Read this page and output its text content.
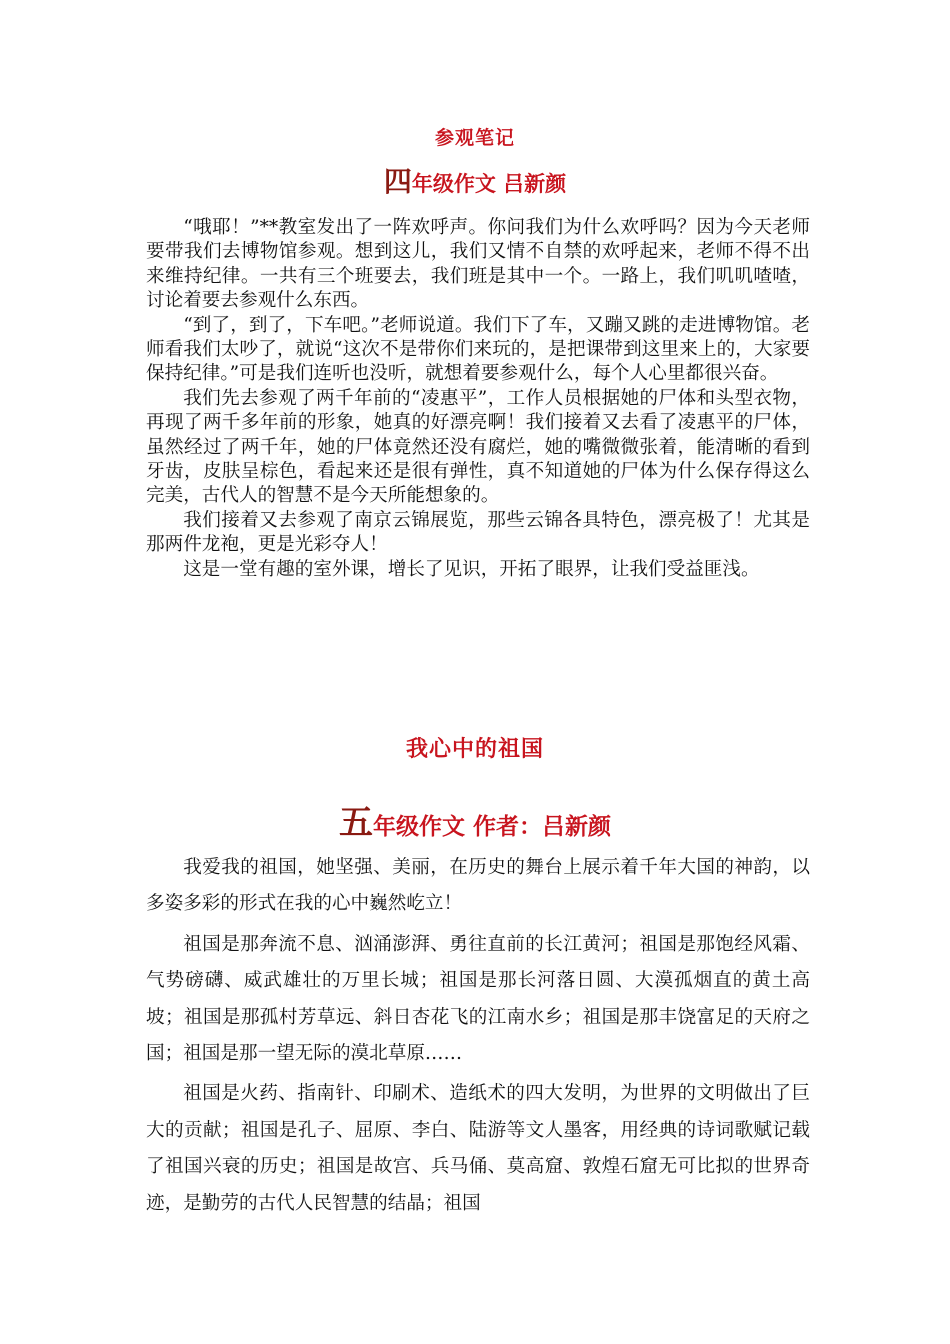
参观笔记
四年级作文 吕新颜

“哦耶！”**教室发出了一阵欢呼声。你问我们为什么欢呼吗？因为今天老师要带我们去博物馆参观。想到这儿，我们又情不自禁的欢呼起来，老师不得不出来维持纪律。一共有三个班要去，我们班是其中一个。一路上，我们叽叽喳喳，讨论着要去参观什么东西。

“到了，到了，下车吧。”老师说道。我们下了车，又蹦又跳的走进博物馆。老师看我们太吵了，就说“这次不是带你们来玩的，是把课带到这里来上的，大家要保持纪律。”可是我们连听也没听，就想着要参观什么，每个人心里都很兴奋。

我们先去参观了两千年前的“凌惠平”，工作人员根据她的尸体和头型衣物，再现了两千多年前的形象，她真的好漂亮啊！我们接着又去看了凌惠平的尸体，虽然经过了两千年，她的尸体竟然还没有腐烂，她的嘴微微张着，能清晰的看到牙齿，皮肤呈棕色，看起来还是很有弹性，真不知道她的尸体为什么保存得这么完美，古代人的智慧不是今天所能想象的。

我们接着又去参观了南京云锦展览，那些云锦各具特色，漂亮极了！尤其是那两件龙袍，更是光彩夺人！

这是一堂有趣的室外课，增长了见识，开拓了眼界，让我们受益匪浅。

我心中的祖国
五年级作文 作者：吕新颜

我爱我的祖国，她坚强、美丽，在历史的舞台上展示着千年大国的神韵，以多姿多彩的形式在我的心中巍然屹立！

祖国是那奔流不息、汹涌澎湃、勇往直前的长江黄河；祖国是那饱经风霜、气势磅礴、威武雄壮的万里长城；祖国是那长河落日圆、大漠孤烟直的黄土高坡；祖国是那孤村芳草远、斜日杏花飞的江南水乡；祖国是那丰饶富足的天府之国；祖国是那一望无际的漠北草原……

祖国是火药、指南针、印刷术、造纸术的四大发明，为世界的文明做出了巨大的贡献；祖国是孔子、屈原、李白、陆游等文人墨客，用经典的诗词歌赋记载了祖国兴衰的历史；祖国是故宫、兵马俑、莫高窟、敦煌石窟无可比拟的世界奇迹，是勤劳的古代人民智慧的结晶；祖国
